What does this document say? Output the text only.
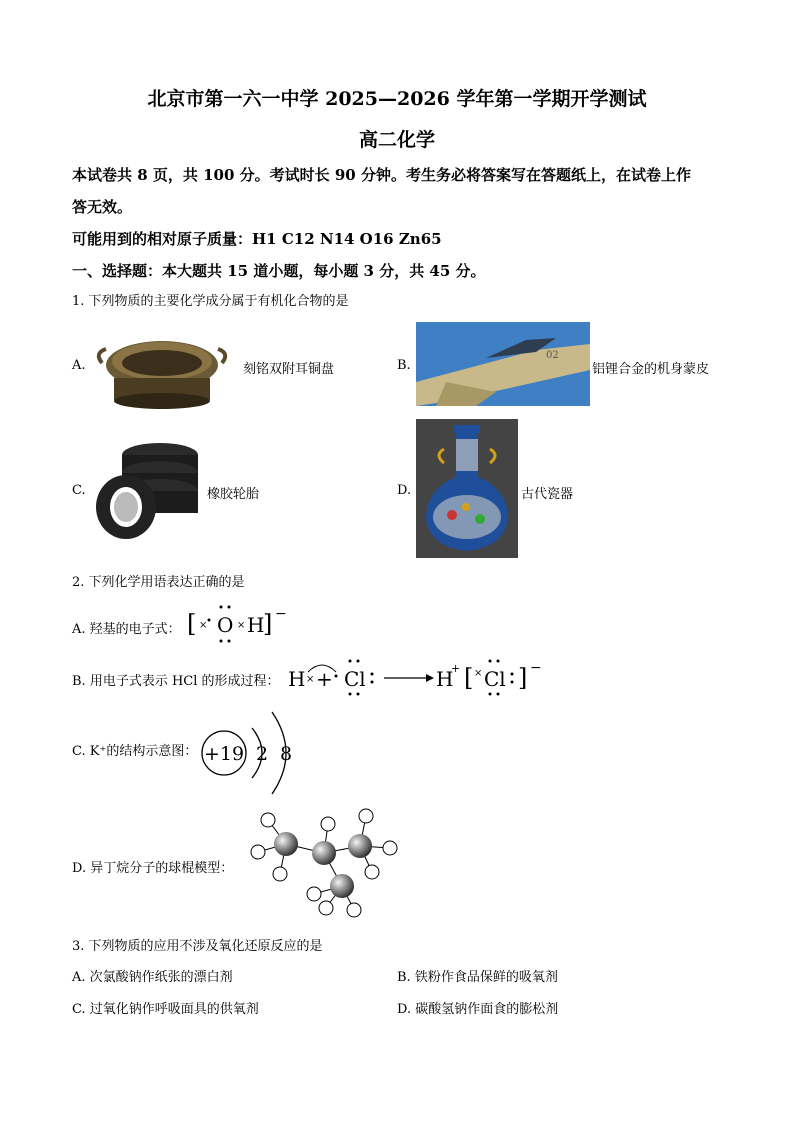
北京市第一六一中学 2025—2026 学年第一学期开学测试
高二化学
本试卷共 8 页，共 100 分。考试时长 90 分钟。考生务必将答案写在答题纸上，在试卷上作
答无效。
可能用到的相对原子质量：H1 C12 N14 O16 Zn65
一、选择题：本大题共 15 道小题，每小题 3 分，共 45 分。
1. 下列物质的主要化学成分属于有机化合物的是
A.	刻铭双附耳铜盘	B.
02
铝锂合金的机身蒙皮
C.	橡胶轮胎	D.	古代瓷器
2. 下列化学用语表达正确的是
A. 羟基的电子式： [ × O × H
] −
B. 用电子式表示 HCl 的形成过程： H × + Cl	H
+ [ × Cl ] −
C. K⁺的结构示意图： +19 2 8
D. 异丁烷分子的球棍模型：
3. 下列物质的应用不涉及氧化还原反应的是
A. 次氯酸钠作纸张的漂白剂	B. 铁粉作食品保鲜的吸氧剂
C. 过氧化钠作呼吸面具的供氧剂	D. 碳酸氢钠作面食的膨松剂
